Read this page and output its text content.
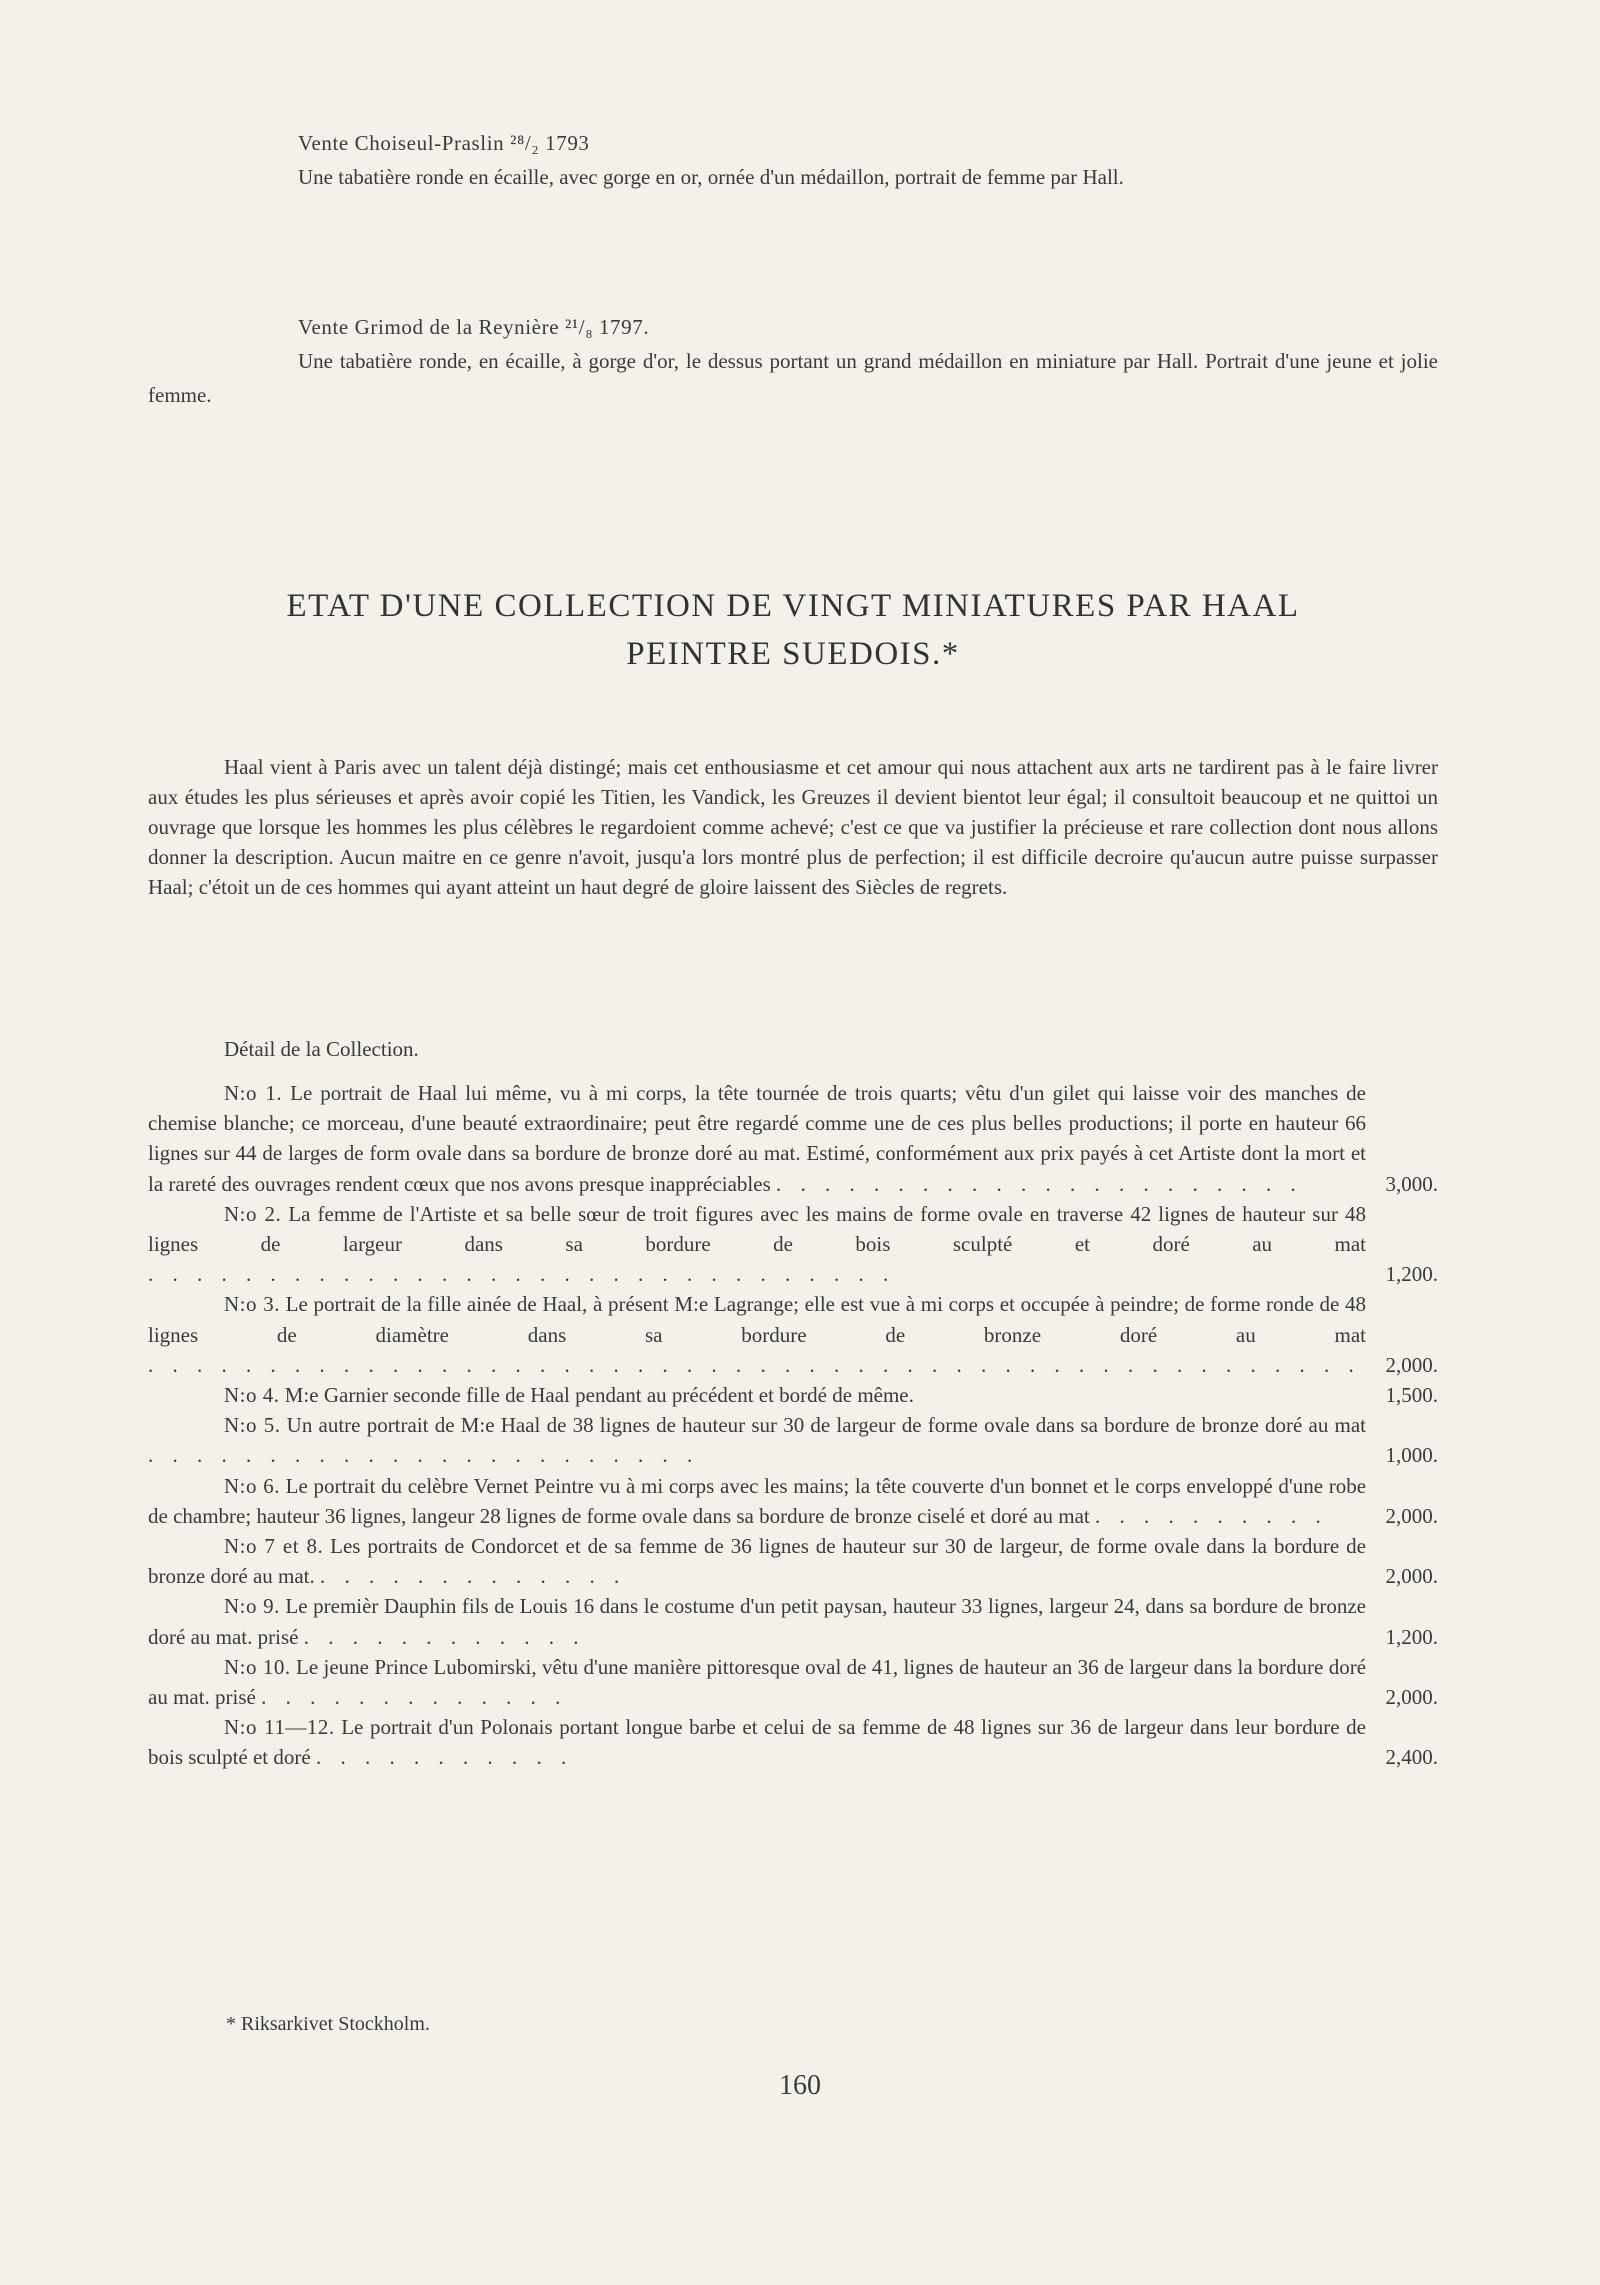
Vente Choiseul-Praslin ²⁸/₂ 1793
Une tabatière ronde en écaille, avec gorge en or, ornée d'un médaillon, portrait de femme par Hall.
Vente Grimod de la Reynière ²¹/₈ 1797.
Une tabatière ronde, en écaille, à gorge d'or, le dessus portant un grand médaillon en miniature par Hall. Portrait d'une jeune et jolie femme.
ETAT D'UNE COLLECTION DE VINGT MINIATURES PAR HAAL
PEINTRE SUEDOIS.*
Haal vient à Paris avec un talent déjà distingé; mais cet enthousiasme et cet amour qui nous attachent aux arts ne tardirent pas à le faire livrer aux études les plus sérieuses et après avoir copié les Titien, les Vandick, les Greuzes il devient bientot leur égal; il consultoit beaucoup et ne quittoi un ouvrage que lorsque les hommes les plus célèbres le regardoient comme achevé; c'est ce que va justifier la précieuse et rare collection dont nous allons donner la description. Aucun maitre en ce genre n'avoit, jusqu'a lors montré plus de perfection; il est difficile decroire qu'aucun autre puisse surpasser Haal; c'étoit un de ces hommes qui ayant atteint un haut degré de gloire laissent des Siècles de regrets.
Détail de la Collection.
N:o 1. Le portrait de Haal lui même, vu à mi corps, la tête tournée de trois quarts; vêtu d'un gilet qui laisse voir des manches de chemise blanche; ce morceau, d'une beauté extraordinaire; peut être regardé comme une de ces plus belles productions; il porte en hauteur 66 lignes sur 44 de larges de form ovale dans sa bordure de bronze doré au mat. Estimé, conformément aux prix payés à cet Artiste dont la mort et la rareté des ouvrages rendent cœux que nos avons presque inappréciables . . . . . . . . . . . . . . . . . . . . . .	3,000.
N:o 2. La femme de l'Artiste et sa belle sœur de troit figures avec les mains de forme ovale en traverse 42 lignes de hauteur sur 48 lignes de largeur dans sa bordure de bois sculpté et doré au mat . . . . . . . . . . . . . . . . . . . . . . . . . . . . . . .	1,200.
N:o 3. Le portrait de la fille ainée de Haal, à présent M:e Lagrange; elle est vue à mi corps et occupée à peindre; de forme ronde de 48 lignes de diamètre dans sa bordure de bronze doré au mat . . . . . . . . . . . . . . . . . . . . . . . . . . . . . . . . . . . . . . . . . . . . . . . . . .	2,000.
N:o 4. M:e Garnier seconde fille de Haal pendant au précédent et bordé de même.	1,500.
N:o 5. Un autre portrait de M:e Haal de 38 lignes de hauteur sur 30 de largeur de forme ovale dans sa bordure de bronze doré au mat . . . . . . . . . . . . . . . . . . . . . . .	1,000.
N:o 6. Le portrait du celèbre Vernet Peintre vu à mi corps avec les mains; la tête couverte d'un bonnet et le corps enveloppé d'une robe de chambre; hauteur 36 lignes, langeur 28 lignes de forme ovale dans sa bordure de bronze ciselé et doré au mat . . . . . . . . . .	2,000.
N:o 7 et 8. Les portraits de Condorcet et de sa femme de 36 lignes de hauteur sur 30 de largeur, de forme ovale dans la bordure de bronze doré au mat. . . . . . . . . . . . . .	2,000.
N:o 9. Le premièr Dauphin fils de Louis 16 dans le costume d'un petit paysan, hauteur 33 lignes, largeur 24, dans sa bordure de bronze doré au mat. prisé . . . . . . . . . . . .	1,200.
N:o 10. Le jeune Prince Lubomirski, vêtu d'une manière pittoresque oval de 41, lignes de hauteur an 36 de largeur dans la bordure doré au mat. prisé . . . . . . . . . . . . .	2,000.
N:o 11—12. Le portrait d'un Polonais portant longue barbe et celui de sa femme de 48 lignes sur 36 de largeur dans leur bordure de bois sculpté et doré . . . . . . . . . . .	2,400.
* Riksarkivet Stockholm.
160
